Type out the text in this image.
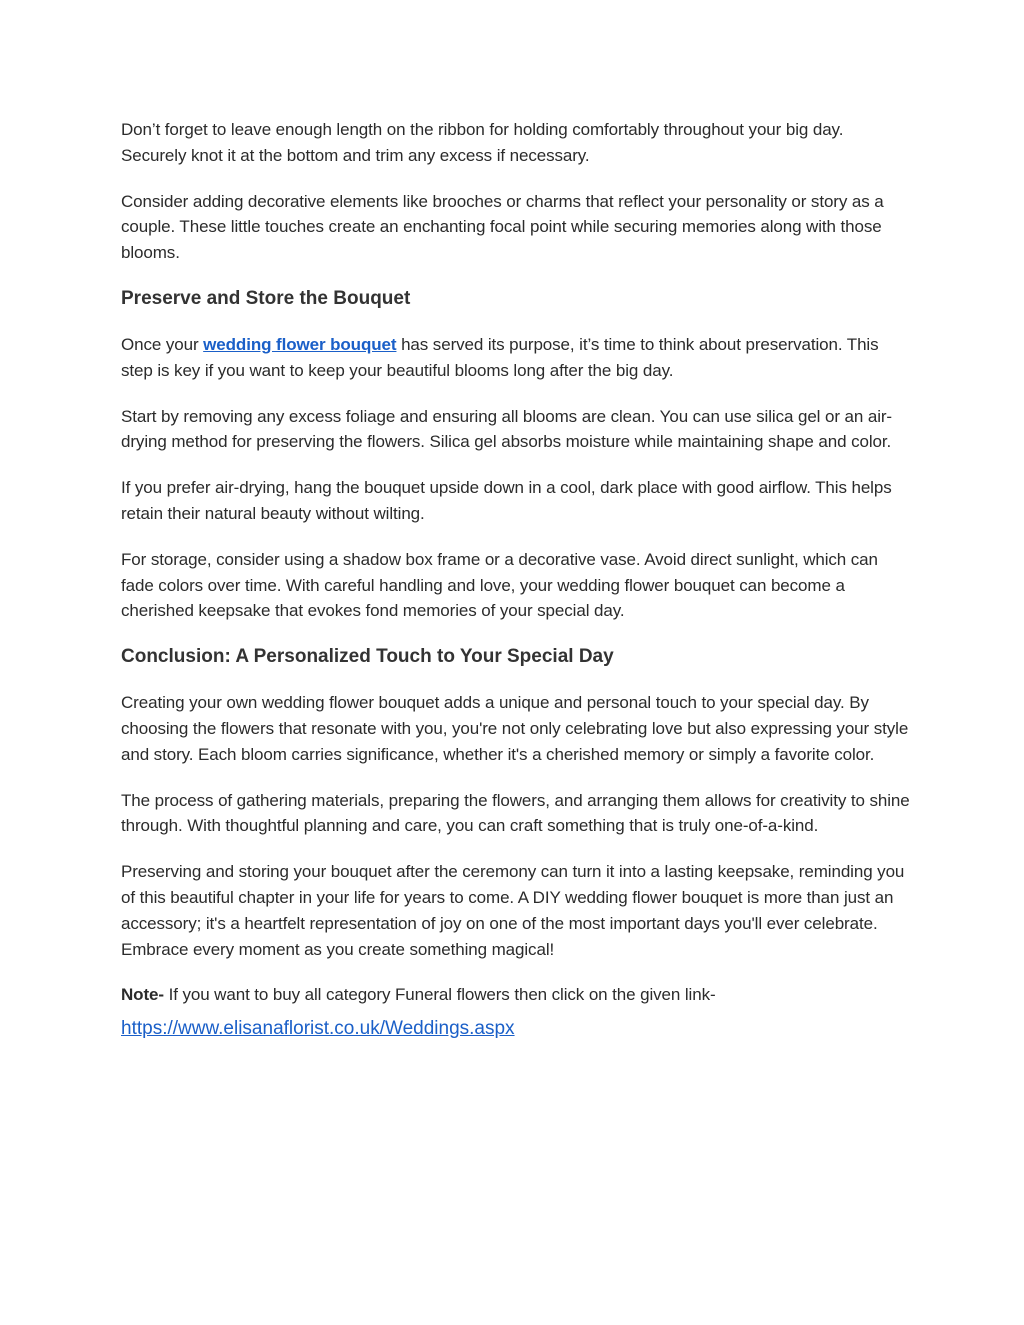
Don’t forget to leave enough length on the ribbon for holding comfortably throughout your big day. Securely knot it at the bottom and trim any excess if necessary.

Consider adding decorative elements like brooches or charms that reflect your personality or story as a couple. These little touches create an enchanting focal point while securing memories along with those blooms.

Preserve and Store the Bouquet

Once your wedding flower bouquet has served its purpose, it’s time to think about preservation. This step is key if you want to keep your beautiful blooms long after the big day.

Start by removing any excess foliage and ensuring all blooms are clean. You can use silica gel or an air-drying method for preserving the flowers. Silica gel absorbs moisture while maintaining shape and color.

If you prefer air-drying, hang the bouquet upside down in a cool, dark place with good airflow. This helps retain their natural beauty without wilting.

For storage, consider using a shadow box frame or a decorative vase. Avoid direct sunlight, which can fade colors over time. With careful handling and love, your wedding flower bouquet can become a cherished keepsake that evokes fond memories of your special day.

Conclusion: A Personalized Touch to Your Special Day

Creating your own wedding flower bouquet adds a unique and personal touch to your special day. By choosing the flowers that resonate with you, you're not only celebrating love but also expressing your style and story. Each bloom carries significance, whether it's a cherished memory or simply a favorite color.

The process of gathering materials, preparing the flowers, and arranging them allows for creativity to shine through. With thoughtful planning and care, you can craft something that is truly one-of-a-kind.

Preserving and storing your bouquet after the ceremony can turn it into a lasting keepsake, reminding you of this beautiful chapter in your life for years to come. A DIY wedding flower bouquet is more than just an accessory; it's a heartfelt representation of joy on one of the most important days you'll ever celebrate. Embrace every moment as you create something magical!

Note- If you want to buy all category Funeral flowers then click on the given link-

https://www.elisanaflorist.co.uk/Weddings.aspx
